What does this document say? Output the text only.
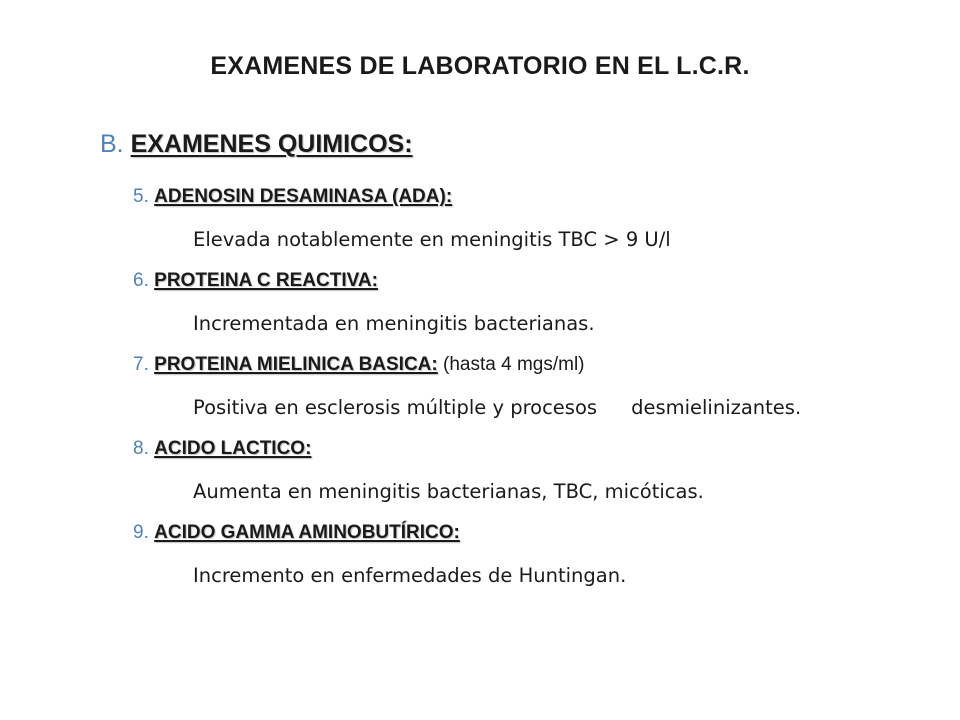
EXAMENES DE LABORATORIO EN EL L.C.R.
B. EXAMENES QUIMICOS:
5. ADENOSIN DESAMINASA (ADA):
Elevada notablemente en meningitis TBC > 9 U/l
6. PROTEINA C REACTIVA:
Incrementada en meningitis bacterianas.
7. PROTEINA MIELINICA BASICA: (hasta 4 mgs/ml)
Positiva en esclerosis múltiple y procesos desmielinizantes.
8. ACIDO LACTICO:
Aumenta en meningitis bacterianas, TBC, micóticas.
9. ACIDO GAMMA AMINOBUTÍRICO:
Incremento en enfermedades de Huntingan.
